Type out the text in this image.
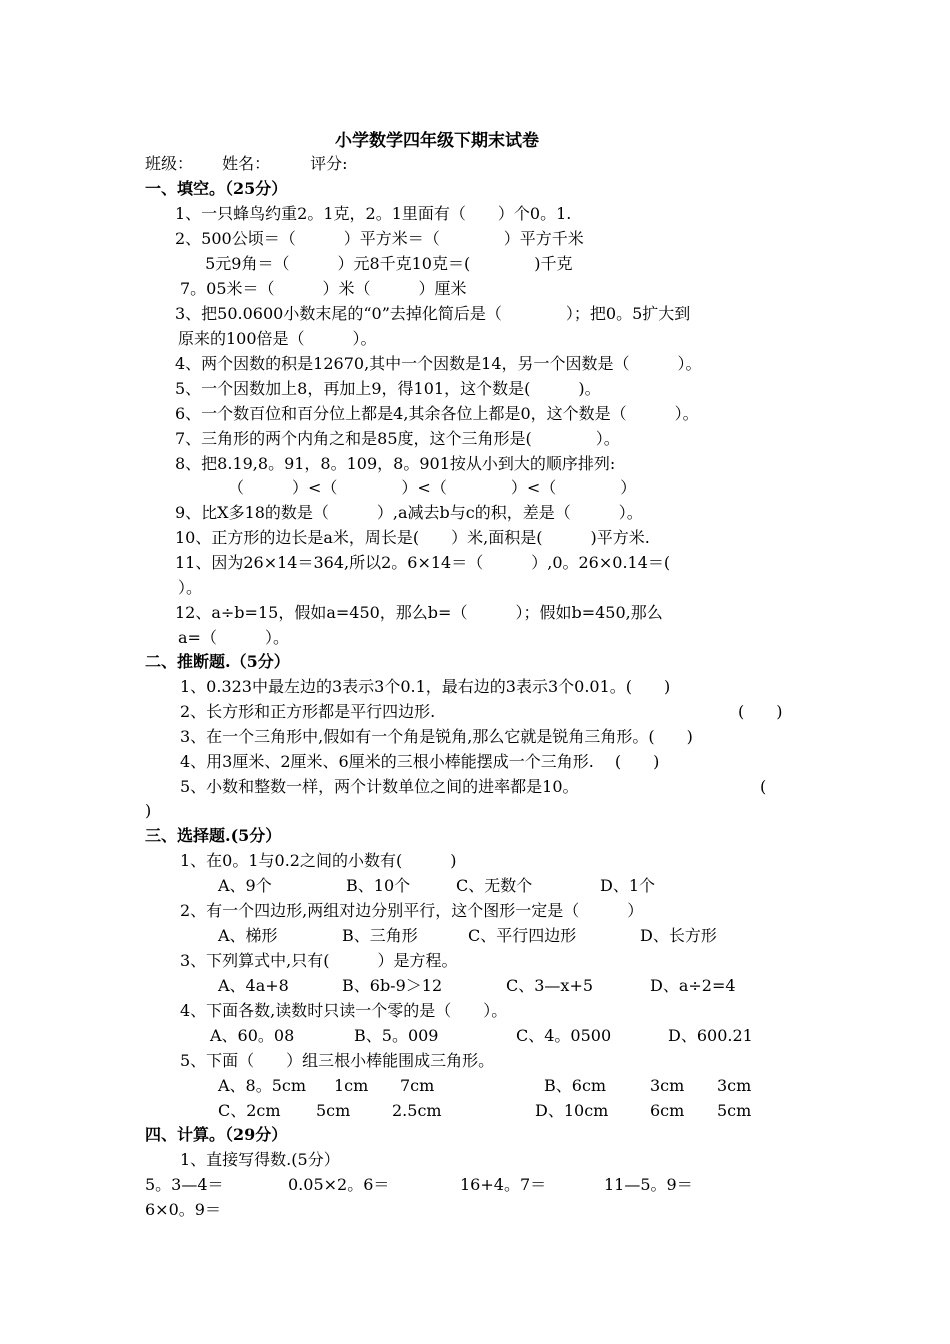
小学数学四年级下期末试卷
班级：　　 姓名：　　　评分:
一、填空。（25分）
1、一只蜂鸟约重2。1克，2。1里面有（　　）个0。1.
2、500公顷＝（　　　）平方米＝（　　　　）平方千米
5元9角＝（　　　）元8千克10克＝(　　　　)千克
7。05米＝（　　　）米（　　　）厘米
3、把50.0600小数末尾的“0”去掉化简后是（　　　　）；把0。5扩大到
原来的100倍是（　　　）。
4、两个因数的积是12670,其中一个因数是14，另一个因数是（　　　）。
5、一个因数加上8，再加上9，得101，这个数是(　　　)。
6、一个数百位和百分位上都是4,其余各位上都是0，这个数是（　　　）。
7、三角形的两个内角之和是85度，这个三角形是(　　　　）。
8、把8.19,8。91，8。109，8。901按从小到大的顺序排列:
（　　　）<（　　　　）<（　　　　）<（　　　　）
9、比X多18的数是（　　　）,a减去b与c的积，差是（　　　）。
10、正方形的边长是a米，周长是(　　）米,面积是(　　　)平方米.
11、因为26×14＝364,所以2。6×14＝（　　　）,0。26×0.14＝(
）。
12、a÷b=15，假如a=450，那么b=（　　　）；假如b=450,那么
a=（　　　）。
二、推断题.（5分）
1、0.323中最左边的3表示3个0.1，最右边的3表示3个0.01。(　　)
2、长方形和正方形都是平行四边形.	(　　)
3、在一个三角形中,假如有一个角是锐角,那么它就是锐角三角形。(　　)
4、用3厘米、2厘米、6厘米的三根小棒能摆成一个三角形.　 (　　)
5、小数和整数一样，两个计数单位之间的进率都是10。	(
)
三、选择题.(5分）
1、在0。1与0.2之间的小数有(　　　)
A、9个	B、10个	C、无数个	D、1个
2、有一个四边形,两组对边分别平行，这个图形一定是（　　　）
A、梯形	B、三角形	C、平行四边形	D、长方形
3、下列算式中,只有(　　　）是方程。
A、4a+8	B、6b-9＞12	C、3—x+5	D、a÷2=4
4、下面各数,读数时只读一个零的是（　　）。
A、60。08	B、5。009	C、4。0500	D、600.21
5、下面（　　）组三根小棒能围成三角形。
A、8。5cm 1cm 7cm	B、6cm	3cm 3cm
C、2cm 5cm	2.5cm	D、10cm	6cm 5cm
四、计算。（29分）
1、直接写得数.(5分）
5。3—4＝	0.05×2。6＝	16+4。7＝	11—5。9＝
6×0。9＝
